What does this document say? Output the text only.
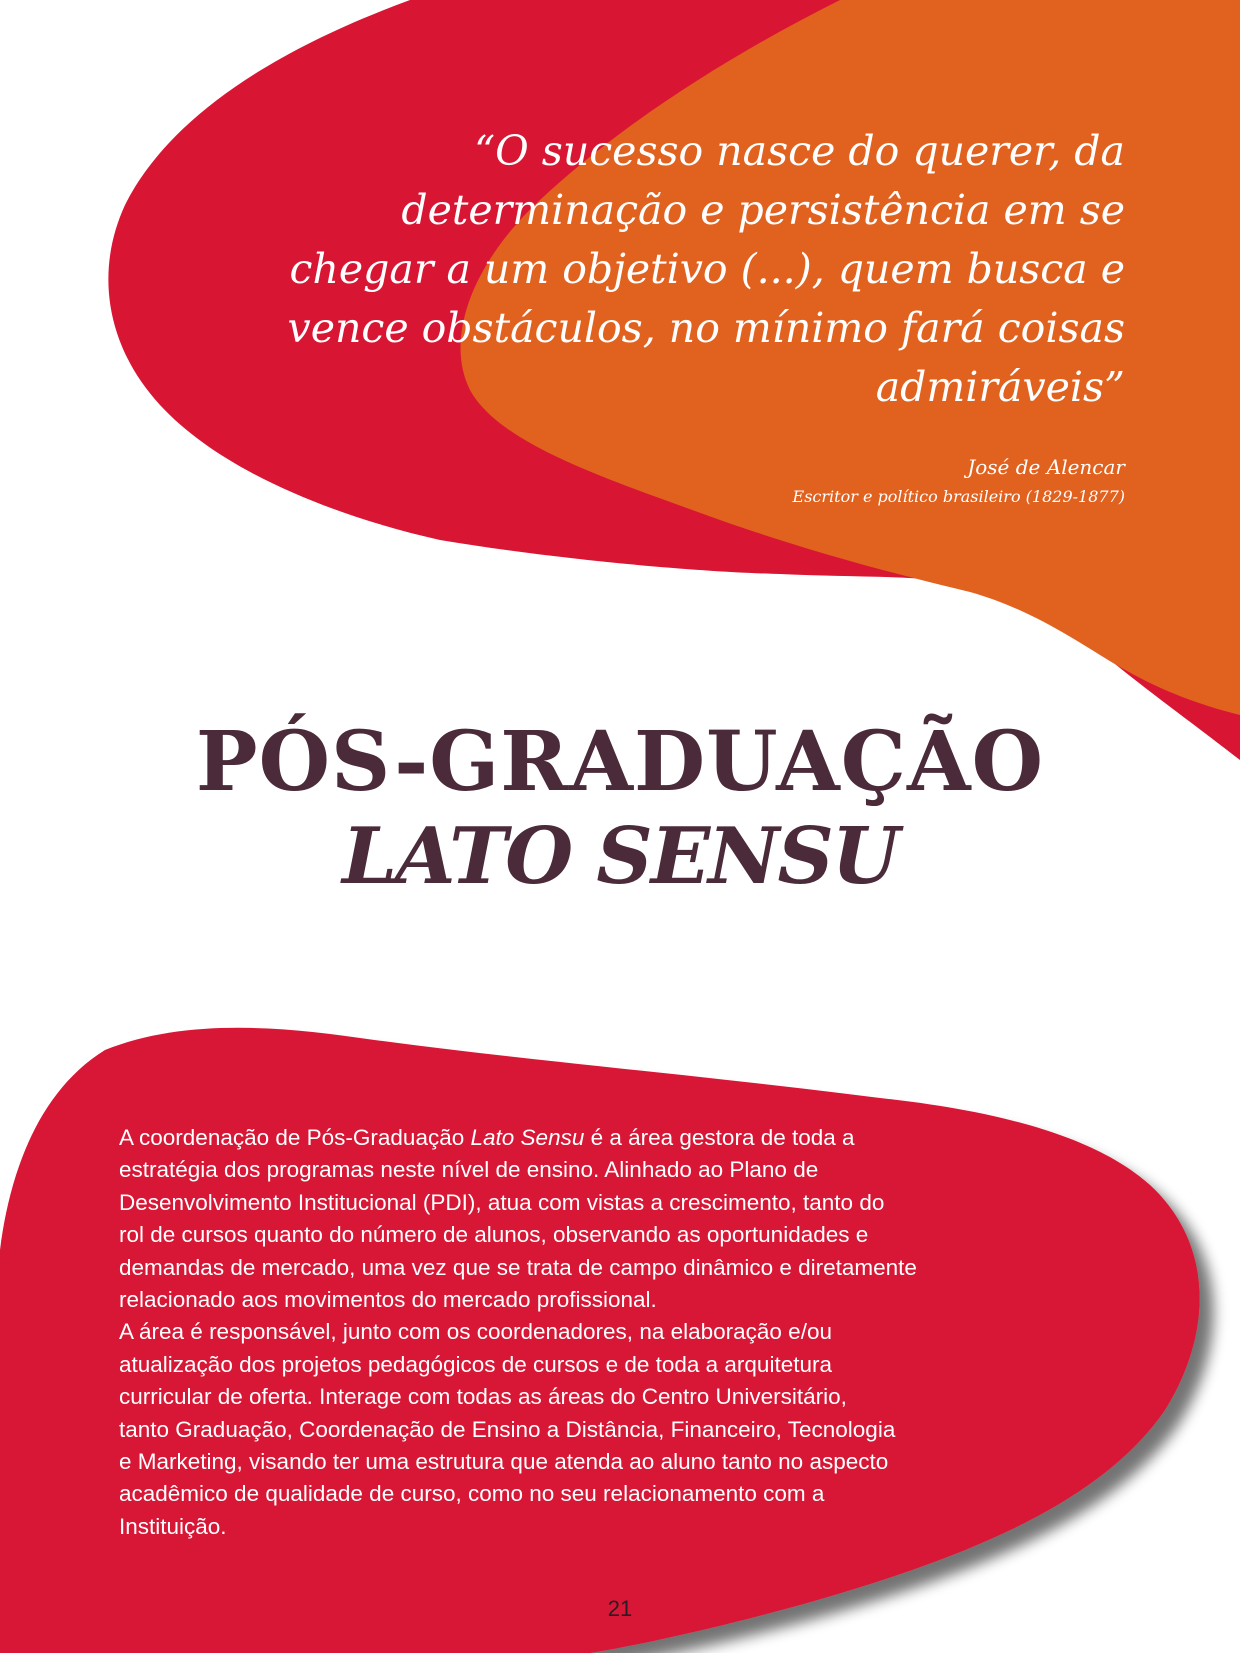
“O sucesso nasce do querer, da
determinação e persistência em se
chegar a um objetivo (...), quem busca e
vence obstáculos, no mínimo fará coisas
admiráveis”

José de Alencar
Escritor e político brasileiro (1829-1877)
PÓS-GRADUAÇÃO
LATO SENSU
A coordenação de Pós-Graduação Lato Sensu é a área gestora de toda a
estratégia dos programas neste nível de ensino. Alinhado ao Plano de
Desenvolvimento Institucional (PDI), atua com vistas a crescimento, tanto do
rol de cursos quanto do número de alunos, observando as oportunidades e
demandas de mercado, uma vez que se trata de campo dinâmico e diretamente
relacionado aos movimentos do mercado profissional.
A área é responsável, junto com os coordenadores, na elaboração e/ou
atualização dos projetos pedagógicos de cursos e de toda a arquitetura
curricular de oferta. Interage com todas as áreas do Centro Universitário,
tanto Graduação, Coordenação de Ensino a Distância, Financeiro, Tecnologia
e Marketing, visando ter uma estrutura que atenda ao aluno tanto no aspecto
acadêmico de qualidade de curso, como no seu relacionamento com a
Instituição.
21
